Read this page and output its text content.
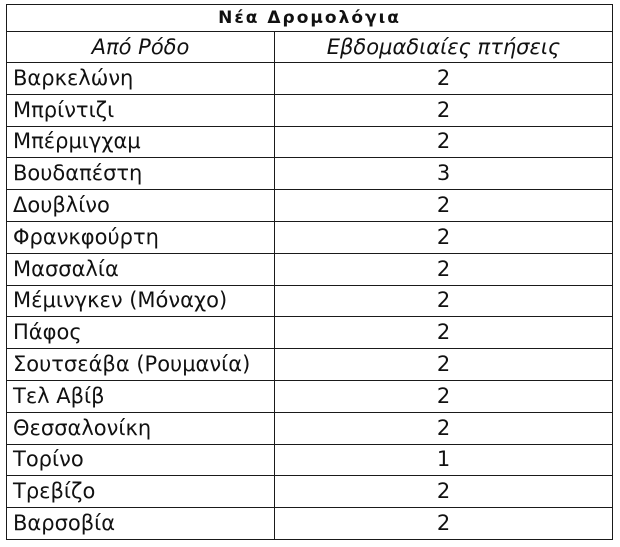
Νέα Δρομολόγια	
Από Ρόδο	Εβδομαδιαίες πτήσεις
Βαρκελώνη	2
Μπρίντιζι	2
Μπέρμιγχαμ	2
Βουδαπέστη	3
Δουβλίνο	2
Φρανκφούρτη	2
Μασσαλία	2
Μέμινγκεν (Μόναχο)	2
Πάφος	2
Σουτσεάβα (Ρουμανία)	2
Τελ Αβίβ	2
Θεσσαλονίκη	2
Τορίνο	1
Τρεβίζο	2
Βαρσοβία	2
